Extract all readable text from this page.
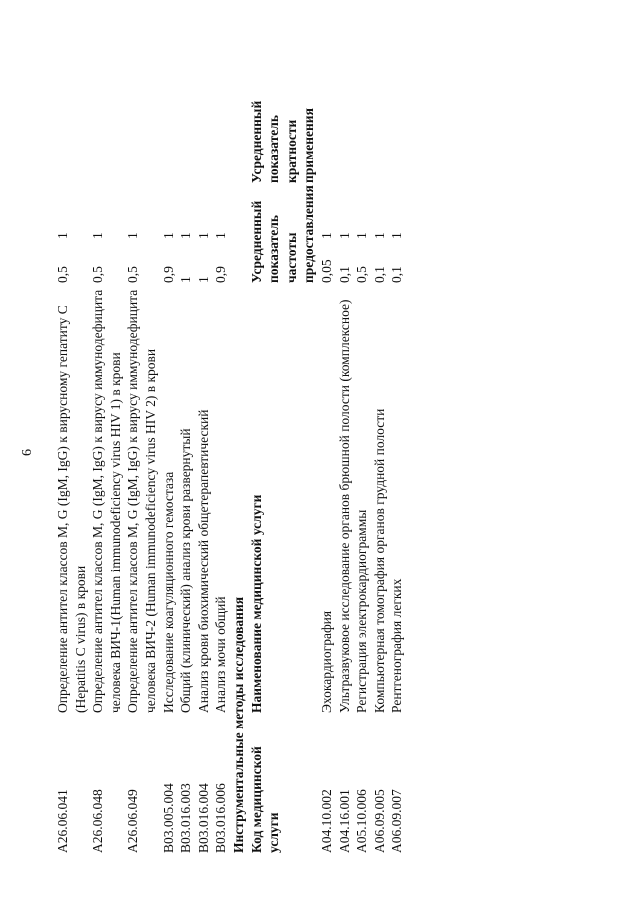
6
A26.06.041
Определение антител классов M, G (IgM, IgG) к вирусному гепатиту C (Hepatitis C virus) в крови
0,5
1
A26.06.048
Определение антител классов M, G (IgM, IgG) к вирусу иммунодефицита человека ВИЧ-1(Human immunodeficiency virus HIV 1) в крови
0,5
1
A26.06.049
Определение антител классов M, G (IgM, IgG) к вирусу иммунодефицита человека ВИЧ-2 (Human immunodeficiency virus HIV 2) в крови
0,5
1
B03.005.004
Исследование коагуляционного гемостаза
0,9
1
B03.016.003
Общий (клинический) анализ крови развернутый
1
1
B03.016.004
Анализ крови биохимический общетерапевтический
1
1
B03.016.006
Анализ мочи общий
0,9
1
Инструментальные методы исследования Код медицинской услуги
Наименование медицинской услуги
Усредненный показатель частоты предоставления
Усредненный показатель кратности применения
A04.10.002
Эхокардиография
0,05
1
A04.16.001
Ультразвуковое исследование органов брюшной полости (комплексное)
0,1
1
A05.10.006
Регистрация электрокардиограммы
0,5
1
A06.09.005
Компьютерная томография органов грудной полости
0,1
1
A06.09.007
Рентгенография легких
0,1
1
